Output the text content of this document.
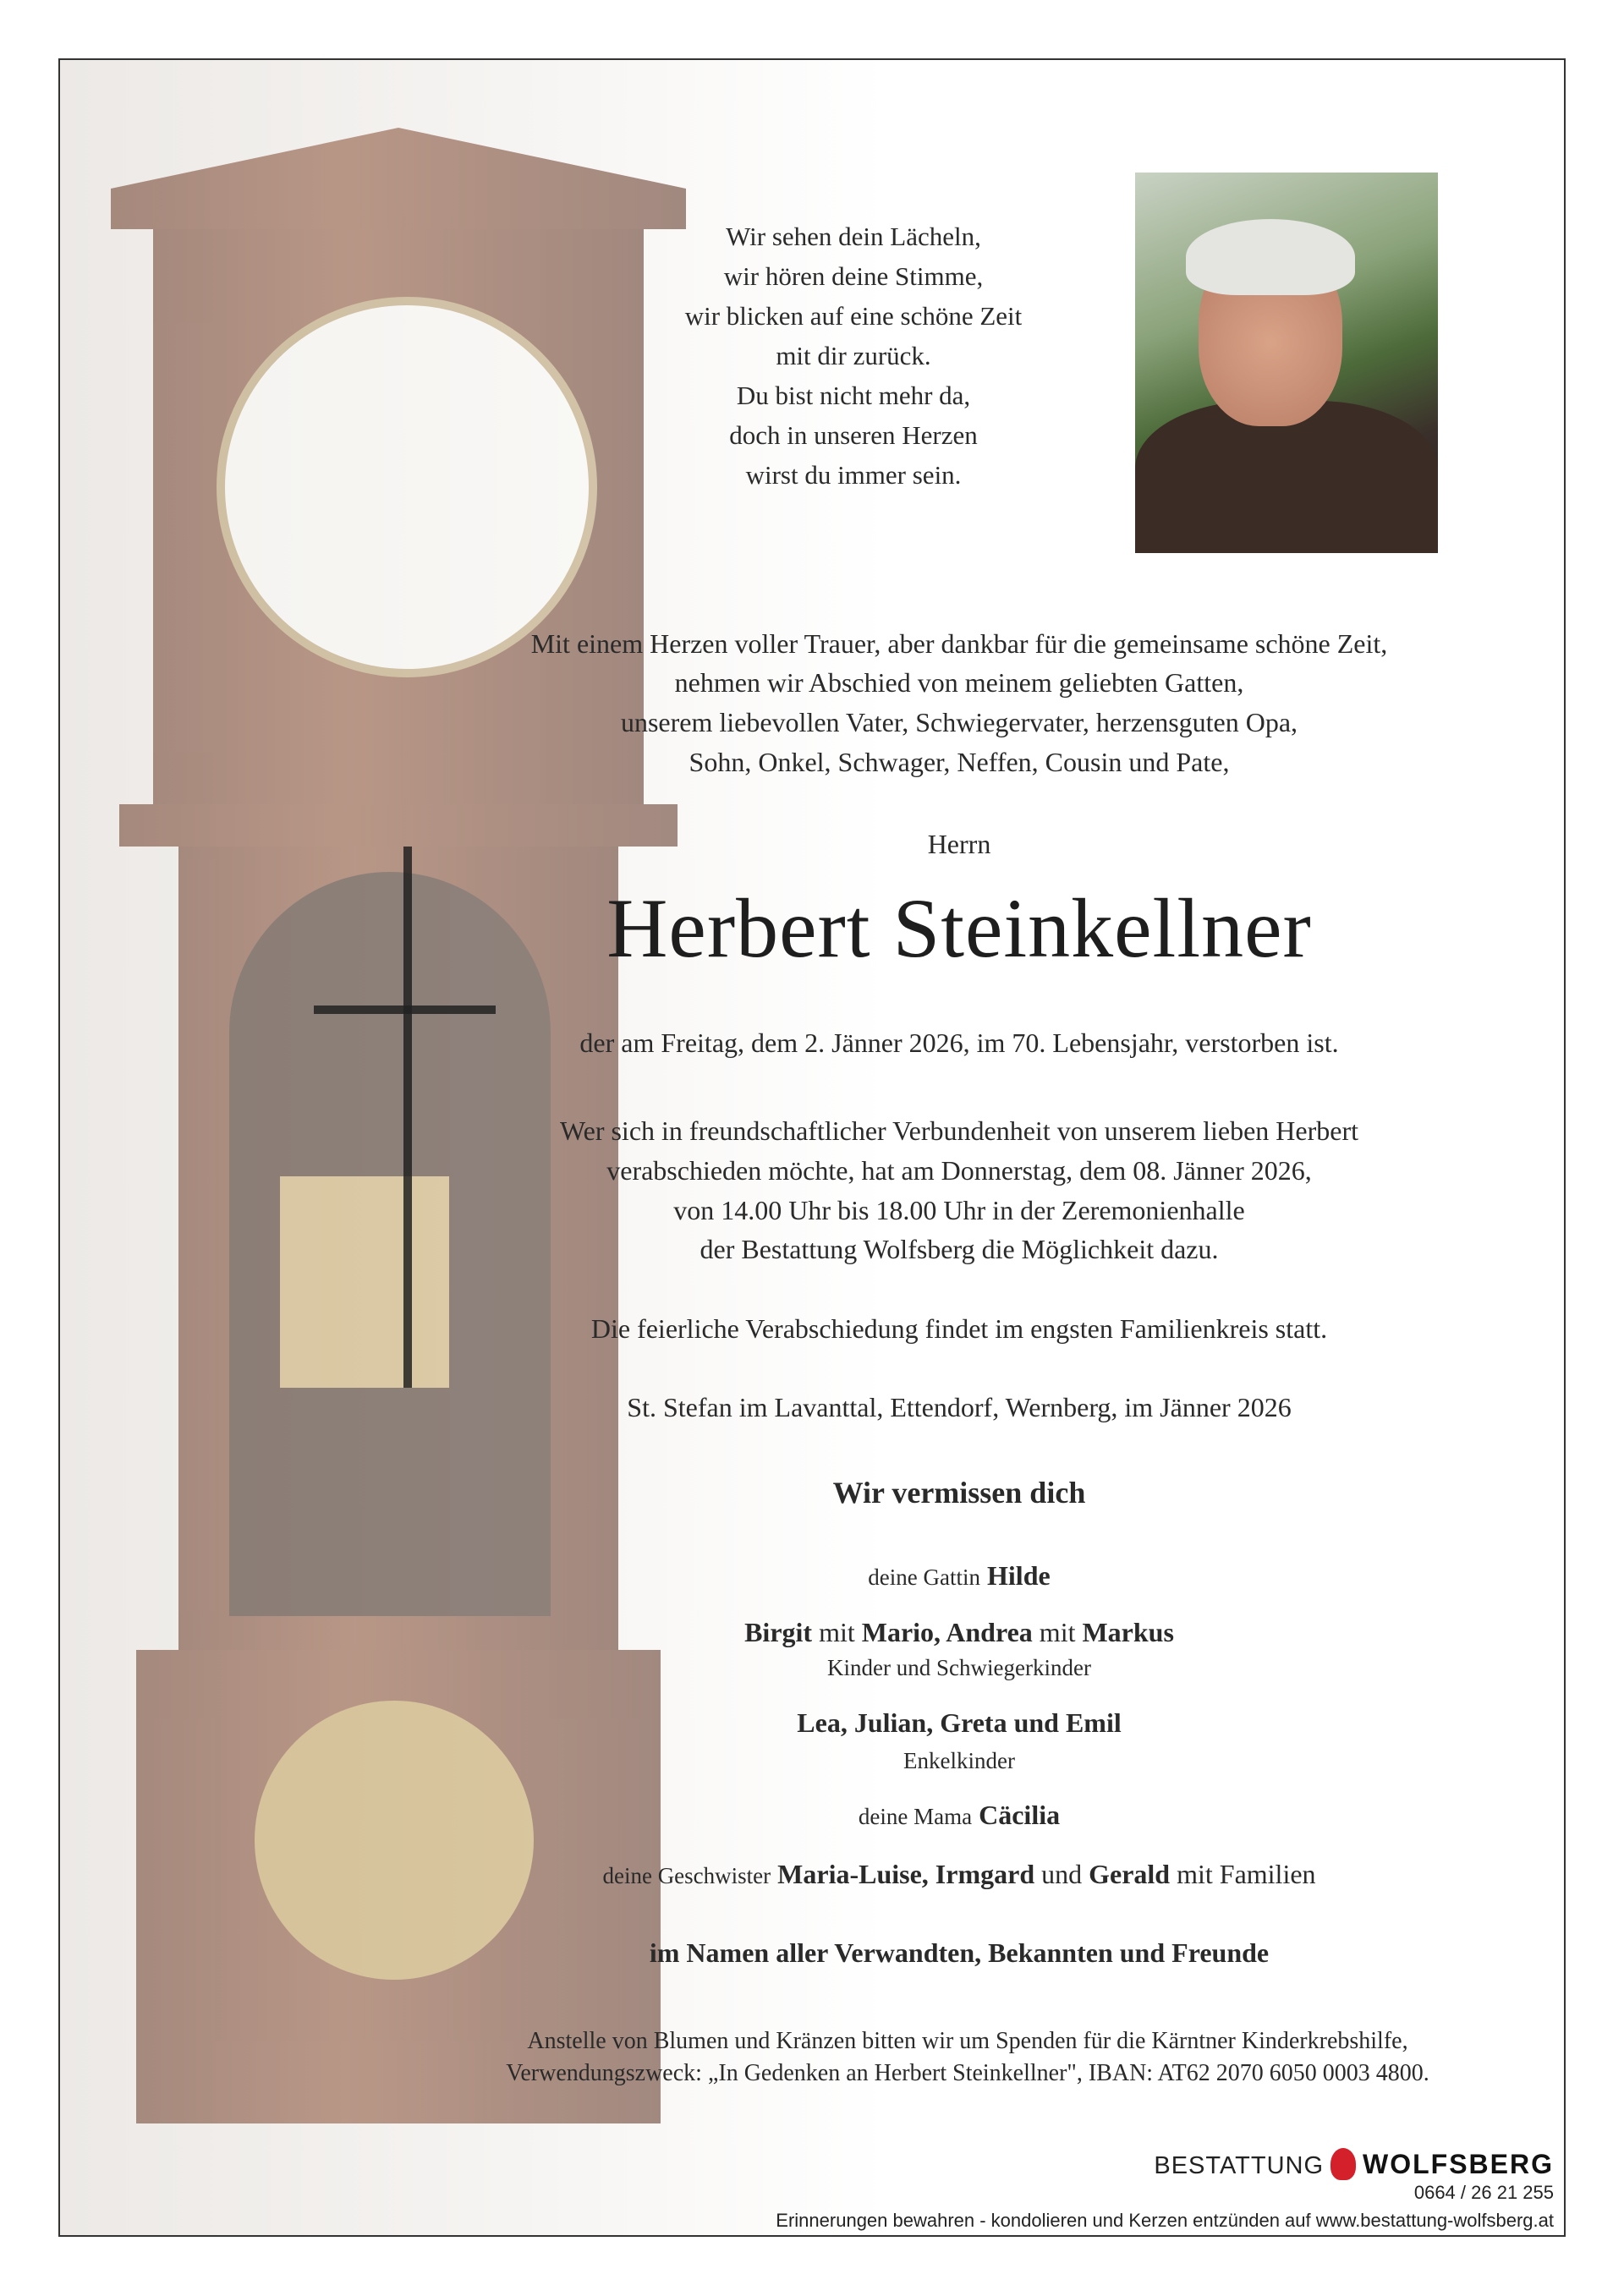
Wir sehen dein Lächeln,
wir hören deine Stimme,
wir blicken auf eine schöne Zeit
mit dir zurück.
Du bist nicht mehr da,
doch in unseren Herzen
wirst du immer sein.
Mit einem Herzen voller Trauer, aber dankbar für die gemeinsame schöne Zeit,
nehmen wir Abschied von meinem geliebten Gatten,
unserem liebevollen Vater, Schwiegervater, herzensguten Opa,
Sohn, Onkel, Schwager, Neffen, Cousin und Pate,
Herrn
Herbert Steinkellner
der am Freitag, dem 2. Jänner 2026, im 70. Lebensjahr, verstorben ist.
Wer sich in freundschaftlicher Verbundenheit von unserem lieben Herbert
verabschieden möchte, hat am Donnerstag, dem 08. Jänner 2026,
von 14.00 Uhr bis 18.00 Uhr in der Zeremonienhalle
der Bestattung Wolfsberg die Möglichkeit dazu.
Die feierliche Verabschiedung findet im engsten Familienkreis statt.
St. Stefan im Lavanttal, Ettendorf, Wernberg, im Jänner 2026
Wir vermissen dich
deine Gattin Hilde
Birgit mit Mario, Andrea mit Markus
Kinder und Schwiegerkinder
Lea, Julian, Greta und Emil
Enkelkinder
deine Mama Cäcilia
deine Geschwister Maria-Luise, Irmgard und Gerald mit Familien
im Namen aller Verwandten, Bekannten und Freunde
Anstelle von Blumen und Kränzen bitten wir um Spenden für die Kärntner Kinderkrebshilfe,
Verwendungszweck: „In Gedenken an Herbert Steinkellner", IBAN: AT62 2070 6050 0003 4800.
BESTATTUNG WOLFSBERG
0664 / 26 21 255
Erinnerungen bewahren - kondolieren und Kerzen entzünden auf www.bestattung-wolfsberg.at
